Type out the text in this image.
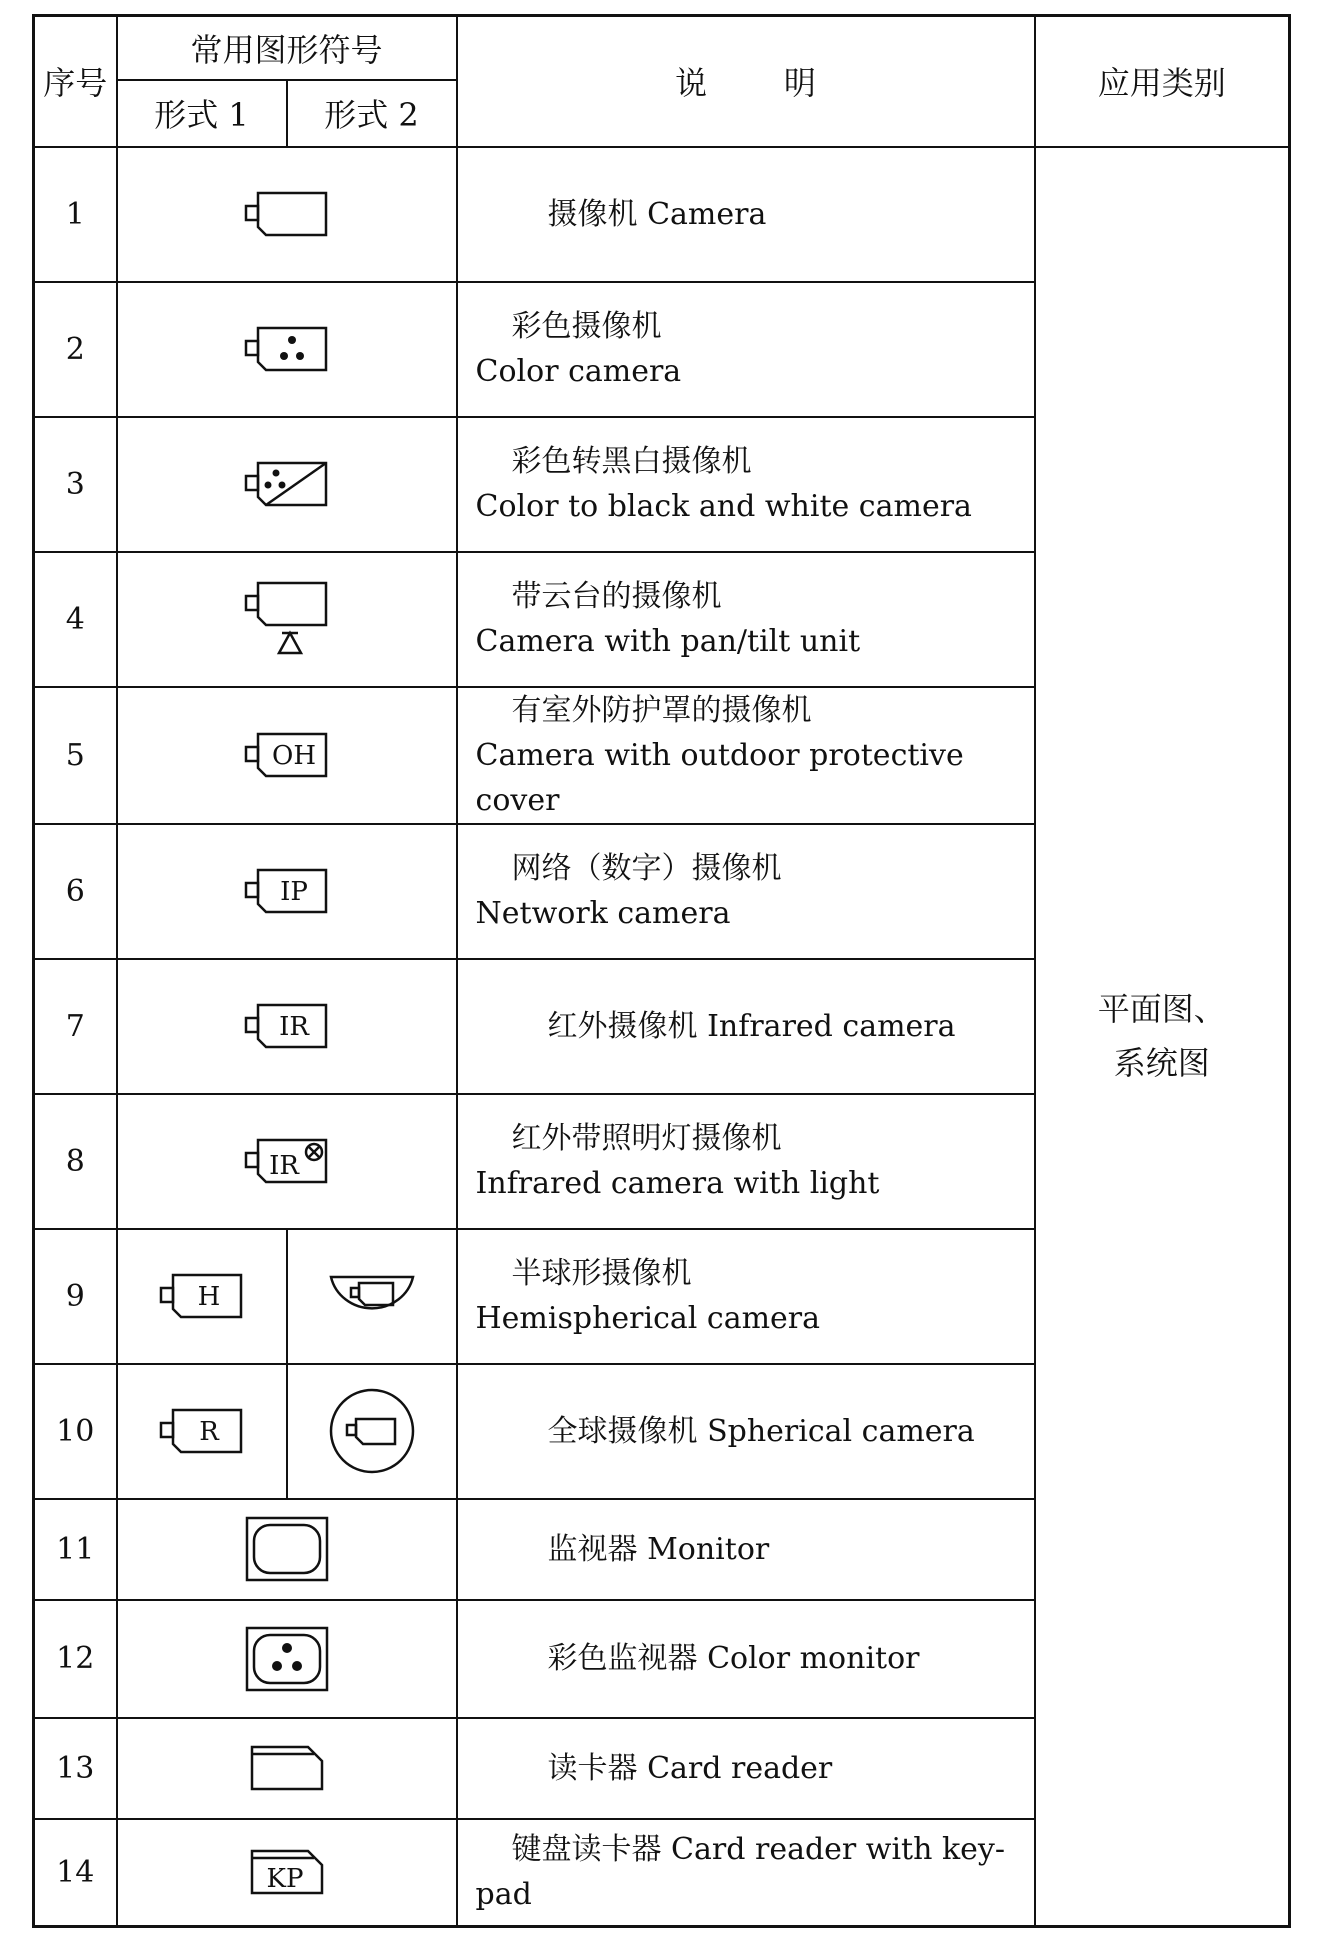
序号	常用图形符号		说明	应用类别
	形式 1	形式 2		
1			摄像机 Camera	平面图、
系统图

2			彩色摄像机
Color camera	

3			彩色转黑白摄像机
Color to black and white camera	

4			带云台的摄像机
Camera with pan/tilt unit	

5	OH		有室外防护罩的摄像机
Camera with outdoor protective cover	

6	IP		网络（数字）摄像机
Network camera	

7	IR		红外摄像机 Infrared camera	
8	IR		红外带照明灯摄像机
Infrared camera with light	

9	H		半球形摄像机
Hemispherical camera	

10	R		全球摄像机 Spherical camera	
11			监视器 Monitor	
12			彩色监视器 Color monitor	
13			读卡器 Card reader	
14	KP		键盘读卡器 Card reader with key-
pad	
